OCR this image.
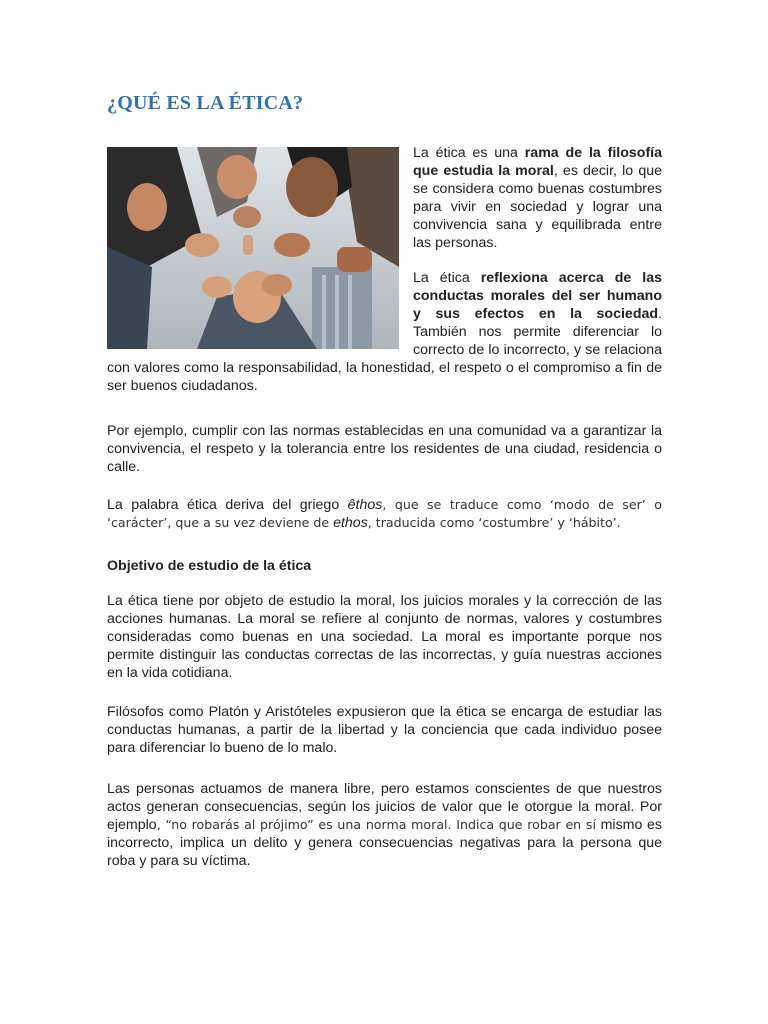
¿QUÉ ES LA ÉTICA?

La ética es una rama de la filosofía que estudia la moral, es decir, lo que se considera como buenas costumbres para vivir en sociedad y lograr una convivencia sana y equilibrada entre las personas.

La ética reflexiona acerca de las conductas morales del ser humano y sus efectos en la sociedad. También nos permite diferenciar lo correcto de lo incorrecto, y se relaciona con valores como la responsabilidad, la honestidad, el respeto o el compromiso a fin de ser buenos ciudadanos.

Por ejemplo, cumplir con las normas establecidas en una comunidad va a garantizar la convivencia, el respeto y la tolerancia entre los residentes de una ciudad, residencia o calle.

La palabra ética deriva del griego êthos, que se traduce como ‘modo de ser’ o ‘carácter’, que a su vez deviene de ethos, traducida como ‘costumbre’ y ‘hábito’.

Objetivo de estudio de la ética

La ética tiene por objeto de estudio la moral, los juicios morales y la corrección de las acciones humanas. La moral se refiere al conjunto de normas, valores y costumbres consideradas como buenas en una sociedad. La moral es importante porque nos permite distinguir las conductas correctas de las incorrectas, y guía nuestras acciones en la vida cotidiana.

Filósofos como Platón y Aristóteles expusieron que la ética se encarga de estudiar las conductas humanas, a partir de la libertad y la conciencia que cada individuo posee para diferenciar lo bueno de lo malo.

Las personas actuamos de manera libre, pero estamos conscientes de que nuestros actos generan consecuencias, según los juicios de valor que le otorgue la moral. Por ejemplo, “no robarás al prójimo” es una norma moral. Indica que robar en sí mismo es incorrecto, implica un delito y genera consecuencias negativas para la persona que roba y para su víctima.
